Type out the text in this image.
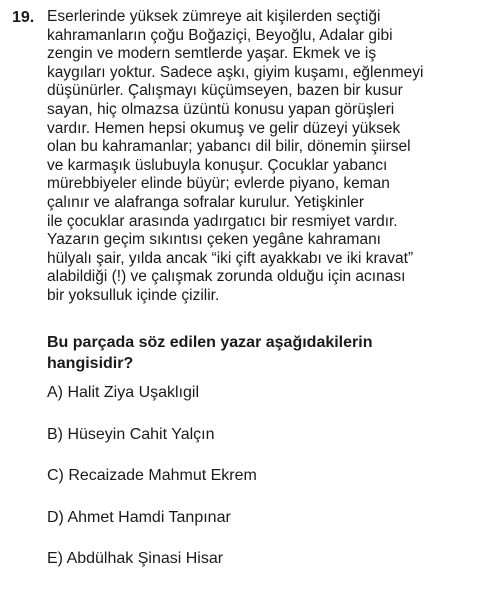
19. Eserlerinde yüksek zümreye ait kişilerden seçtiği
kahramanların çoğu Boğaziçi, Beyoğlu, Adalar gibi
zengin ve modern semtlerde yaşar. Ekmek ve iş
kaygıları yoktur. Sadece aşkı, giyim kuşamı, eğlenmeyi
düşünürler. Çalışmayı küçümseyen, bazen bir kusur
sayan, hiç olmazsa üzüntü konusu yapan görüşleri
vardır. Hemen hepsi okumuş ve gelir düzeyi yüksek
olan bu kahramanlar; yabancı dil bilir, dönemin şiirsel
ve karmaşık üslubuyla konuşur. Çocuklar yabancı
mürebbiyeler elinde büyür; evlerde piyano, keman
çalınır ve alafranga sofralar kurulur. Yetişkinler
ile çocuklar arasında yadırgatıcı bir resmiyet vardır.
Yazarın geçim sıkıntısı çeken yegâne kahramanı
hülyalı şair, yılda ancak “iki çift ayakkabı ve iki kravat”
alabildiği (!) ve çalışmak zorunda olduğu için acınası
bir yoksulluk içinde çizilir.
Bu parçada söz edilen yazar aşağıdakilerin
hangisidir?
A) Halit Ziya Uşaklıgil
B) Hüseyin Cahit Yalçın
C) Recaizade Mahmut Ekrem
D) Ahmet Hamdi Tanpınar
E) Abdülhak Şinasi Hisar
